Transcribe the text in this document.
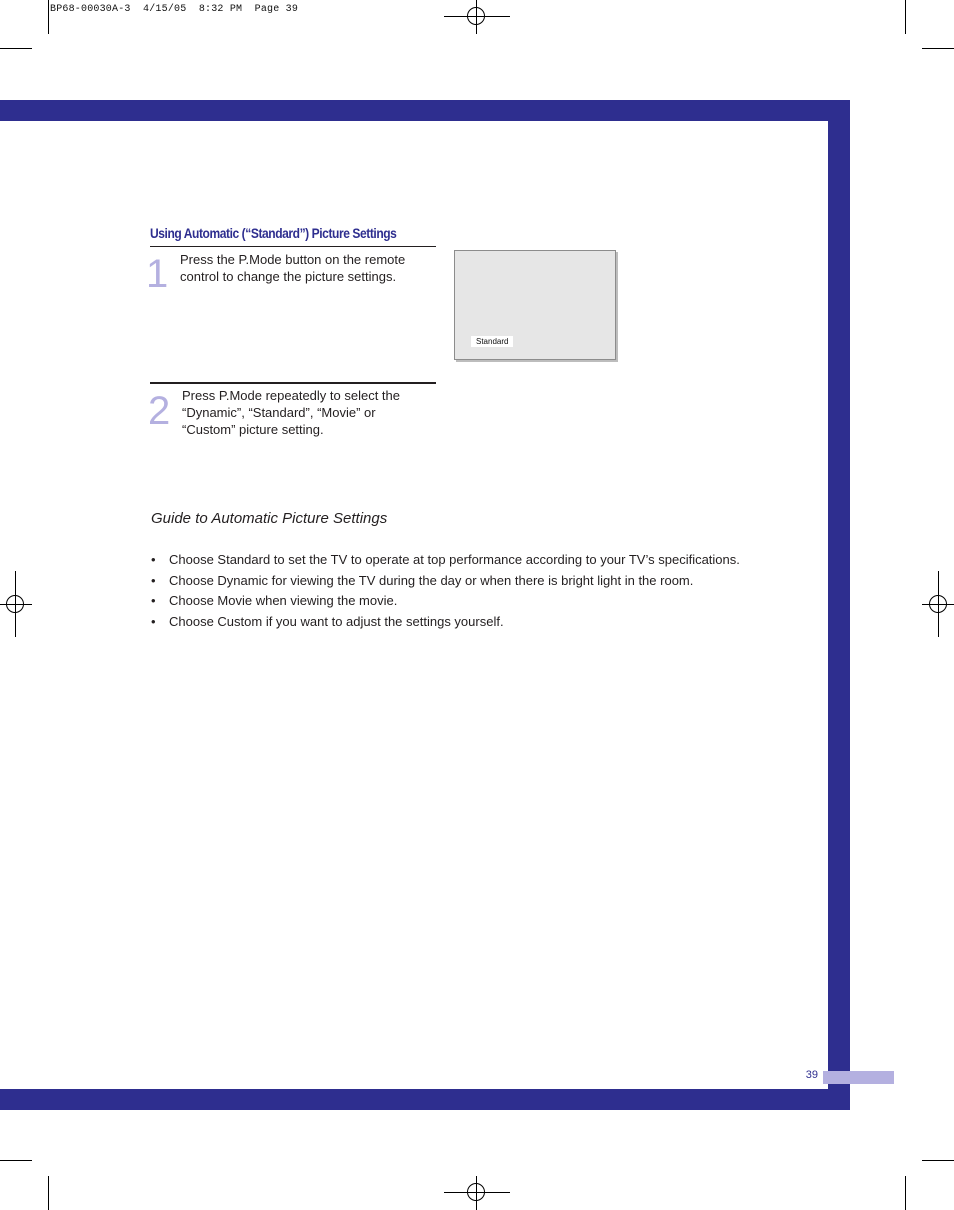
BP68-00030A-3  4/15/05  8:32 PM  Page 39
Using Automatic (“Standard”) Picture Settings
1 Press the P.Mode button on the remote control to change the picture settings.
Standard
2 Press P.Mode repeatedly to select the “Dynamic”, “Standard”, “Movie” or “Custom” picture setting.
Guide to Automatic Picture Settings
• Choose Standard to set the TV to operate at top performance according to your TV’s specifications.
• Choose Dynamic for viewing the TV during the day or when there is bright light in the room.
• Choose Movie when viewing the movie.
• Choose Custom if you want to adjust the settings yourself.
39
